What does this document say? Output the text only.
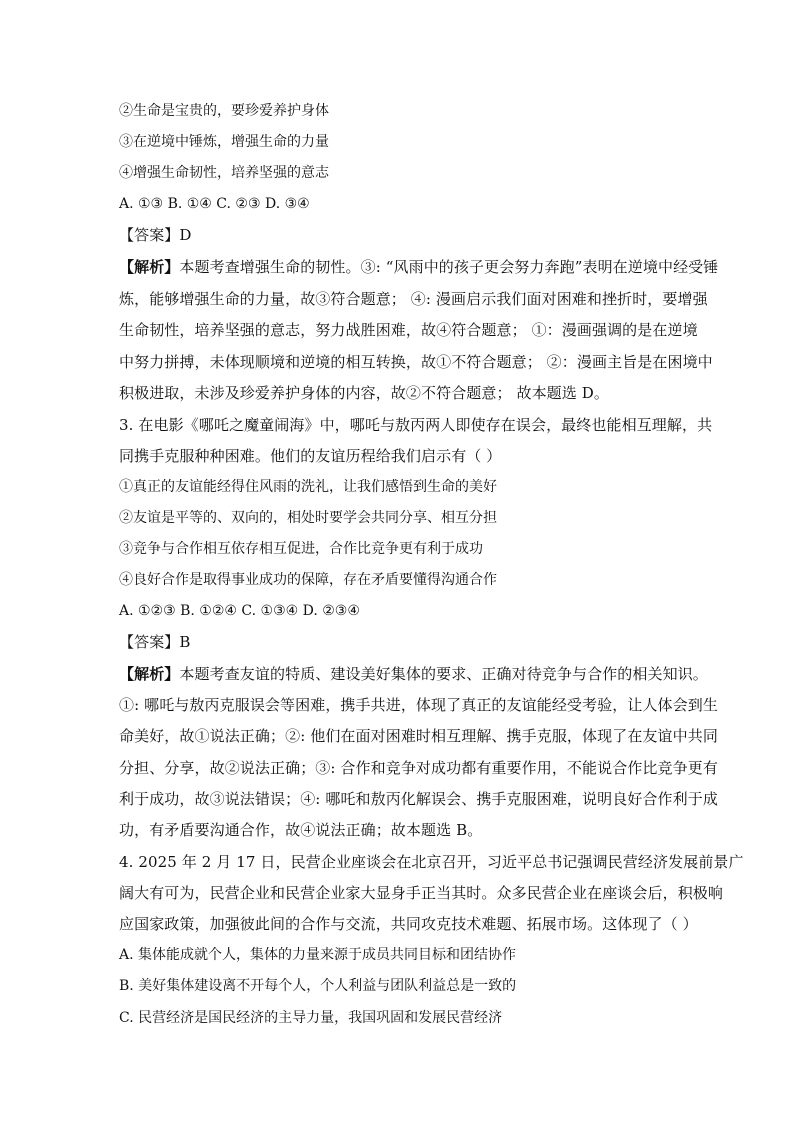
②生命是宝贵的，要珍爱养护身体
③在逆境中锤炼，增强生命的力量
④增强生命韧性，培养坚强的意志
A. ①③ B. ①④ C. ②③ D. ③④
【答案】D
【解析】本题考查增强生命的韧性。③: “风雨中的孩子更会努力奔跑”表明在逆境中经受锤
炼，能够增强生命的力量，故③符合题意； ④: 漫画启示我们面对困难和挫折时，要增强
生命韧性，培养坚强的意志，努力战胜困难，故④符合题意； ①：漫画强调的是在逆境
中努力拼搏，未体现顺境和逆境的相互转换，故①不符合题意； ②：漫画主旨是在困境中
积极进取，未涉及珍爱养护身体的内容，故②不符合题意； 故本题选 D。
3. 在电影《哪吒之魔童闹海》中，哪吒与敖丙两人即使存在误会，最终也能相互理解，共
同携手克服种种困难。他们的友谊历程给我们启示有（ ）
①真正的友谊能经得住风雨的洗礼，让我们感悟到生命的美好
②友谊是平等的、双向的，相处时要学会共同分享、相互分担
③竞争与合作相互依存相互促进，合作比竞争更有利于成功
④良好合作是取得事业成功的保障，存在矛盾要懂得沟通合作
A. ①②③ B. ①②④ C. ①③④ D. ②③④
【答案】B
【解析】本题考查友谊的特质、建设美好集体的要求、正确对待竞争与合作的相关知识。
①: 哪吒与敖丙克服误会等困难，携手共进，体现了真正的友谊能经受考验，让人体会到生
命美好，故①说法正确；②: 他们在面对困难时相互理解、携手克服，体现了在友谊中共同
分担、分享，故②说法正确；③: 合作和竞争对成功都有重要作用，不能说合作比竞争更有
利于成功，故③说法错误；④: 哪吒和敖丙化解误会、携手克服困难，说明良好合作利于成
功，有矛盾要沟通合作，故④说法正确；故本题选 B。
4. 2025 年 2 月 17 日，民营企业座谈会在北京召开，习近平总书记强调民营经济发展前景广
阔大有可为，民营企业和民营企业家大显身手正当其时。众多民营企业在座谈会后，积极响
应国家政策，加强彼此间的合作与交流，共同攻克技术难题、拓展市场。这体现了（ ）
A. 集体能成就个人，集体的力量来源于成员共同目标和团结协作
B. 美好集体建设离不开每个人，个人利益与团队利益总是一致的
C. 民营经济是国民经济的主导力量，我国巩固和发展民营经济
